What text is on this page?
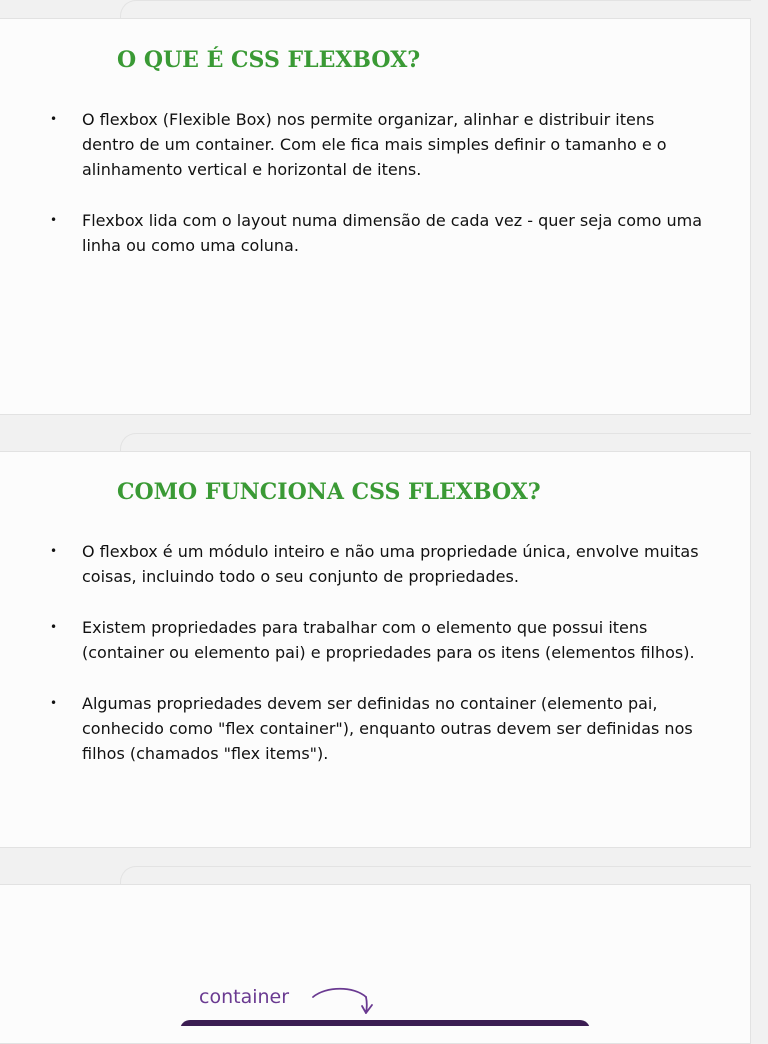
O QUE É CSS FLEXBOX?
• O flexbox (Flexible Box) nos permite organizar, alinhar e distribuir itens dentro de um container. Com ele fica mais simples definir o tamanho e o alinhamento vertical e horizontal de itens.
• Flexbox lida com o layout numa dimensão de cada vez - quer seja como uma linha ou como uma coluna.
COMO FUNCIONA CSS FLEXBOX?
• O flexbox é um módulo inteiro e não uma propriedade única, envolve muitas coisas, incluindo todo o seu conjunto de propriedades.
• Existem propriedades para trabalhar com o elemento que possui itens (container ou elemento pai) e propriedades para os itens (elementos filhos).
• Algumas propriedades devem ser definidas no container (elemento pai, conhecido como "flex container"), enquanto outras devem ser definidas nos filhos (chamados "flex items").
container
